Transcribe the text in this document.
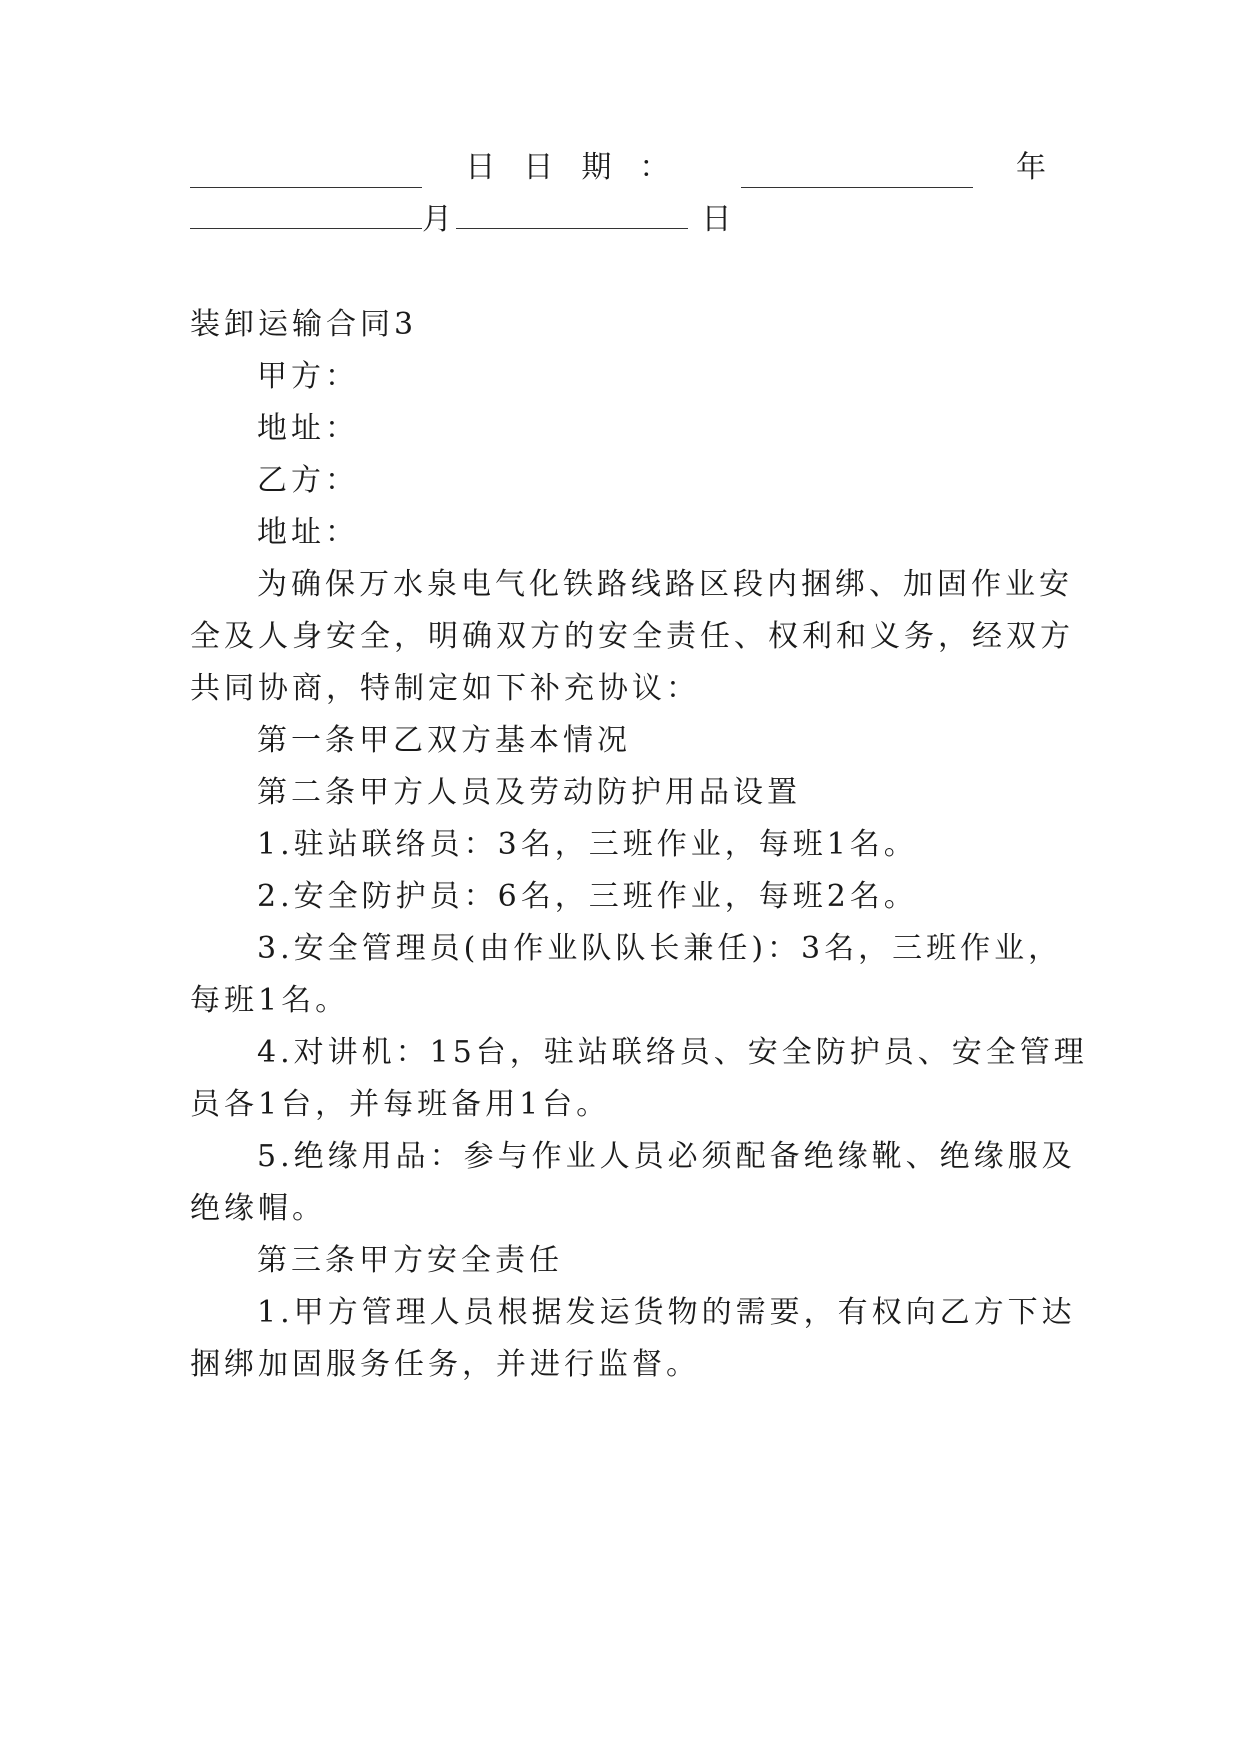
日日期：	年
月	日
装卸运输合同3
甲方：
地址：
乙方：
地址：
为确保万水泉电气化铁路线路区段内捆绑、加固作业安
全及人身安全，明确双方的安全责任、权利和义务，经双方
共同协商，特制定如下补充协议：
第一条甲乙双方基本情况
第二条甲方人员及劳动防护用品设置
1.驻站联络员：3名，三班作业，每班1名。
2.安全防护员：6名，三班作业，每班2名。
3.安全管理员(由作业队队长兼任)：3名，三班作业，
每班1名。
4.对讲机：15台，驻站联络员、安全防护员、安全管理
员各1台，并每班备用1台。
5.绝缘用品：参与作业人员必须配备绝缘靴、绝缘服及
绝缘帽。
第三条甲方安全责任
1.甲方管理人员根据发运货物的需要，有权向乙方下达
捆绑加固服务任务，并进行监督。
